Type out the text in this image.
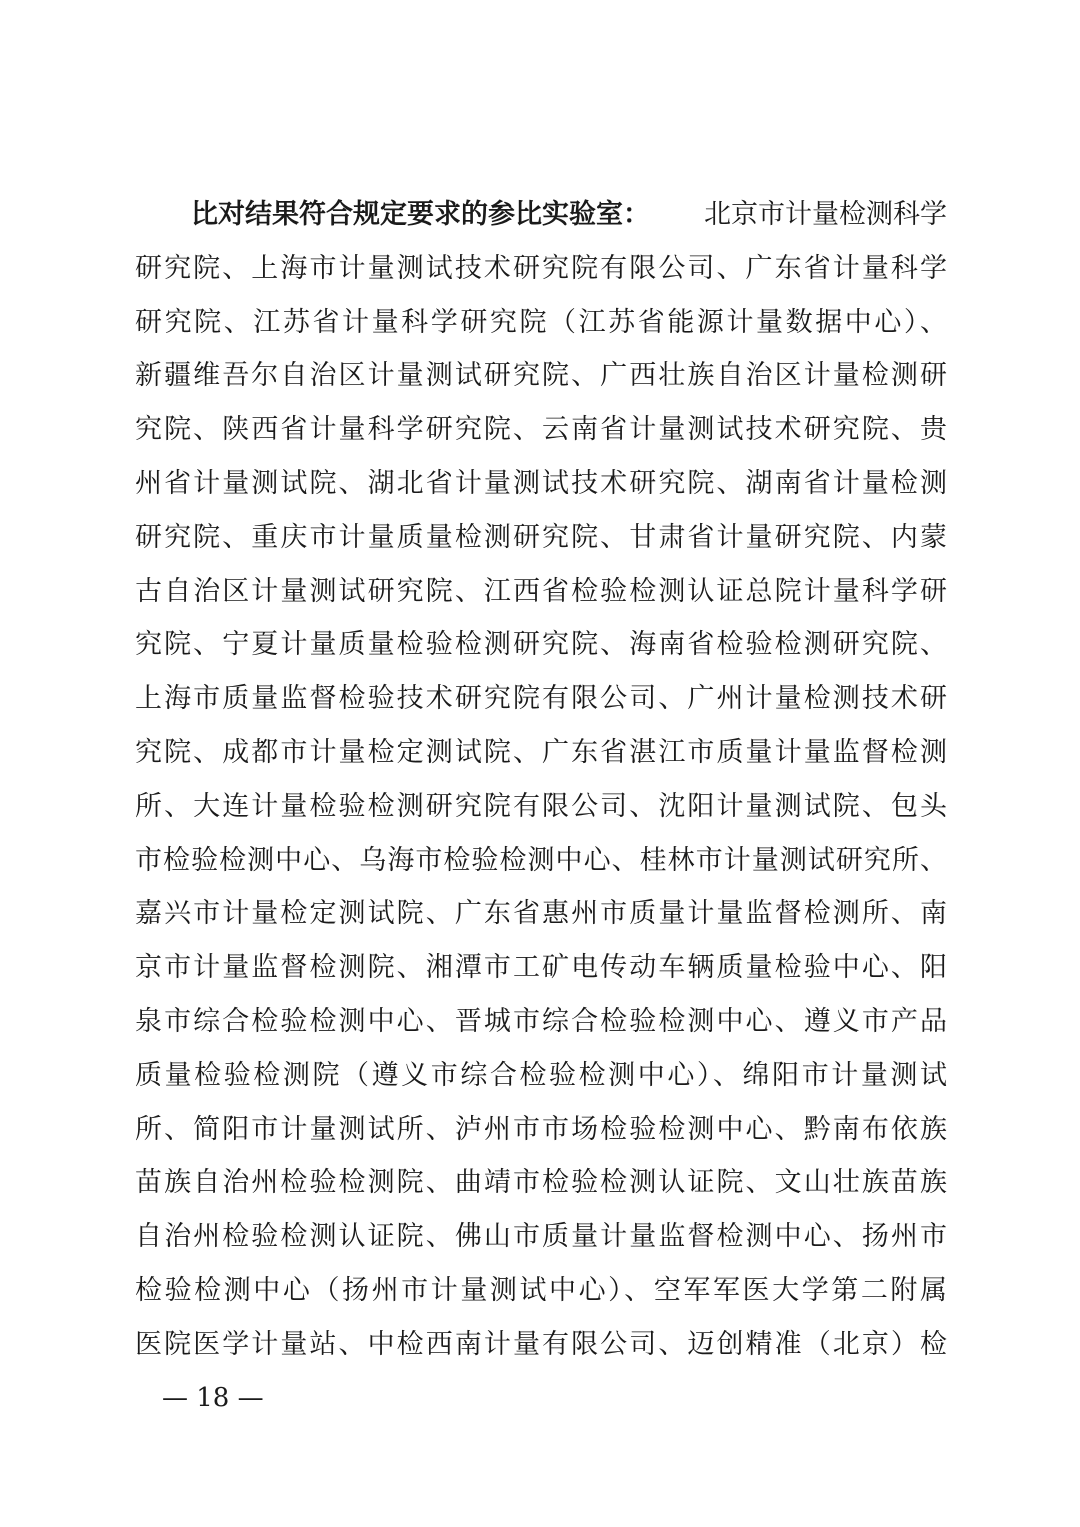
比对结果符合规定要求的参比实验室： 北京市计量检测科学
研究院、上海市计量测试技术研究院有限公司、广东省计量科学
研究院、江苏省计量科学研究院（江苏省能源计量数据中心）、
新疆维吾尔自治区计量测试研究院、广西壮族自治区计量检测研
究院、陕西省计量科学研究院、云南省计量测试技术研究院、贵
州省计量测试院、湖北省计量测试技术研究院、湖南省计量检测
研究院、重庆市计量质量检测研究院、甘肃省计量研究院、内蒙
古自治区计量测试研究院、江西省检验检测认证总院计量科学研
究院、宁夏计量质量检验检测研究院、海南省检验检测研究院、
上海市质量监督检验技术研究院有限公司、广州计量检测技术研
究院、成都市计量检定测试院、广东省湛江市质量计量监督检测
所、大连计量检验检测研究院有限公司、沈阳计量测试院、包头
市检验检测中心、乌海市检验检测中心、桂林市计量测试研究所、
嘉兴市计量检定测试院、广东省惠州市质量计量监督检测所、南
京市计量监督检测院、湘潭市工矿电传动车辆质量检验中心、阳
泉市综合检验检测中心、晋城市综合检验检测中心、遵义市产品
质量检验检测院（遵义市综合检验检测中心）、绵阳市计量测试
所、简阳市计量测试所、泸州市市场检验检测中心、黔南布依族
苗族自治州检验检测院、曲靖市检验检测认证院、文山壮族苗族
自治州检验检测认证院、佛山市质量计量监督检测中心、扬州市
检验检测中心（扬州市计量测试中心）、空军军医大学第二附属
医院医学计量站、中检西南计量有限公司、迈创精准（北京）检
— 18 —
